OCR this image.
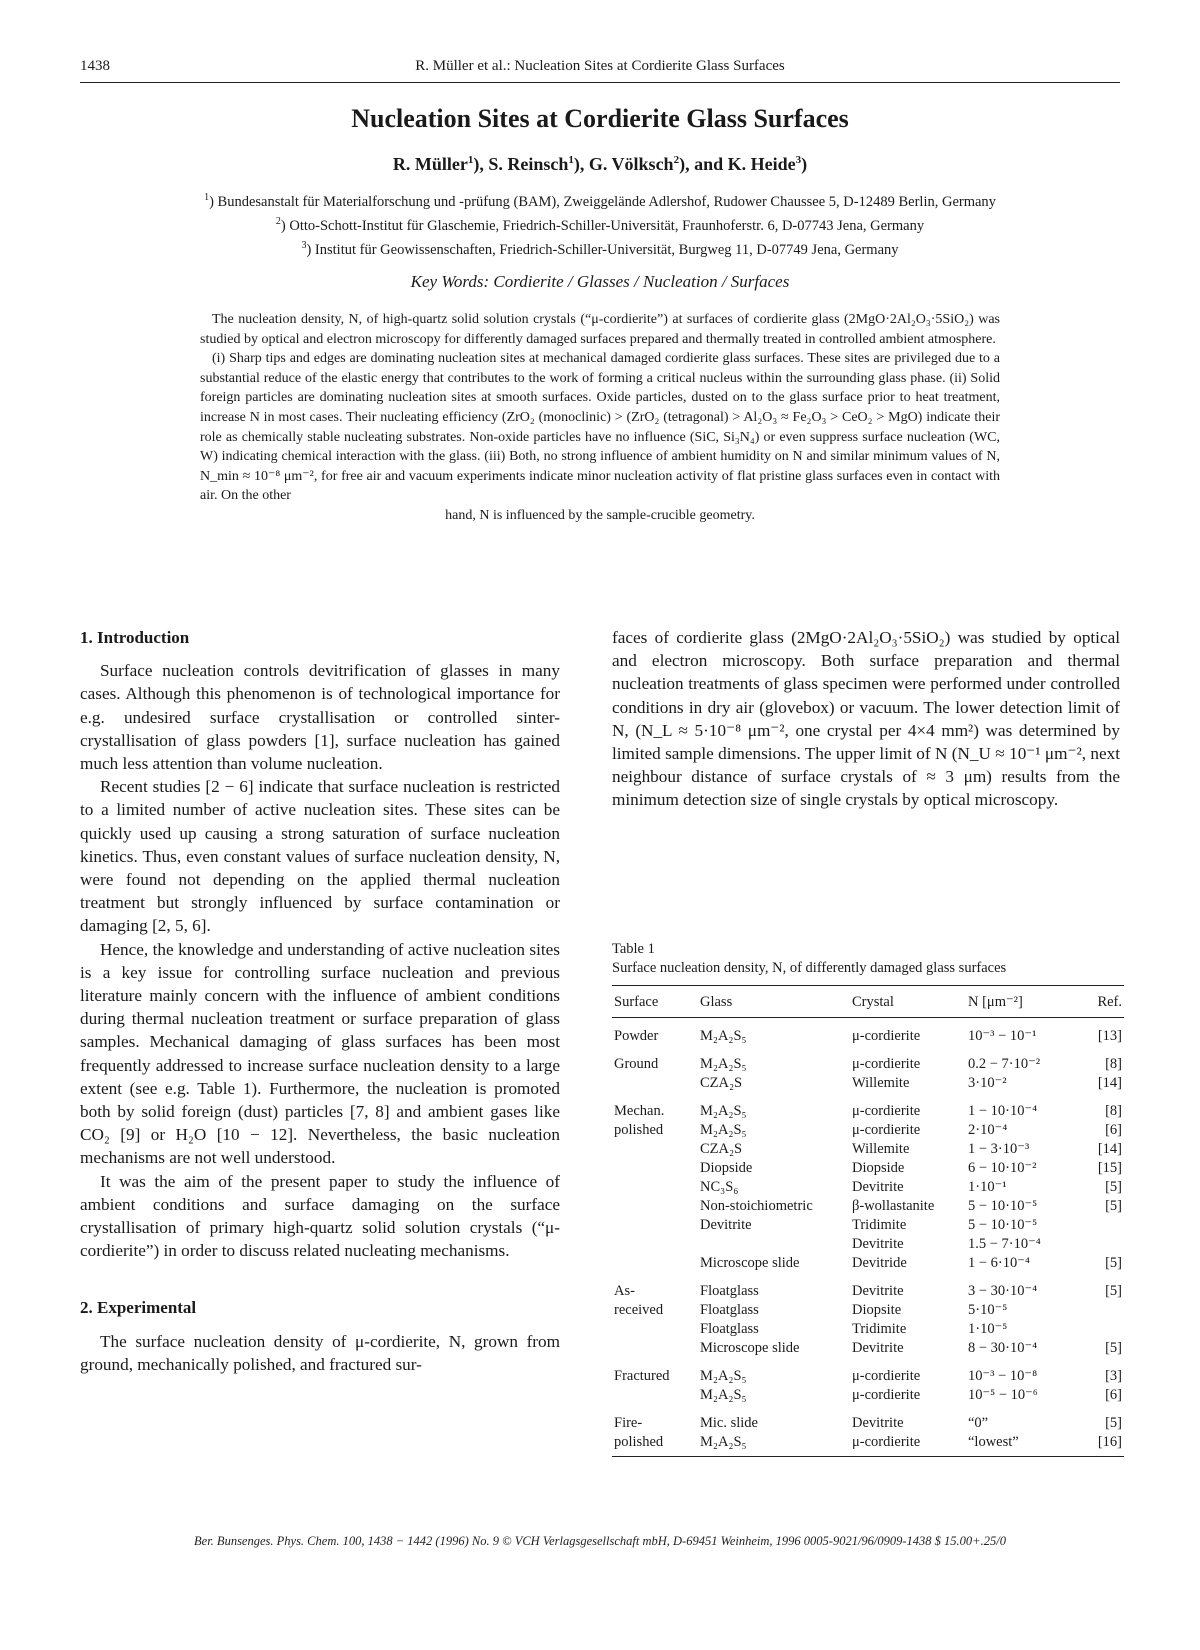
1438	R. Müller et al.: Nucleation Sites at Cordierite Glass Surfaces
Nucleation Sites at Cordierite Glass Surfaces
R. Müller$^1$), S. Reinsch$^1$), G. Völksch$^2$), and K. Heide$^3$)
$^1$) Bundesanstalt für Materialforschung und -prüfung (BAM), Zweiggelände Adlershof, Rudower Chaussee 5, D-12489 Berlin, Germany
$^2$) Otto-Schott-Institut für Glaschemie, Friedrich-Schiller-Universität, Fraunhoferstr. 6, D-07743 Jena, Germany
$^3$) Institut für Geowissenschaften, Friedrich-Schiller-Universität, Burgweg 11, D-07749 Jena, Germany
Key Words: Cordierite / Glasses / Nucleation / Surfaces

The nucleation density, N, of high-quartz solid solution crystals (“μ-cordierite”) at surfaces of cordierite glass (2MgO·2Al₂O₃·5SiO₂) was studied by optical and electron microscopy for differently damaged surfaces prepared and thermally treated in controlled ambient atmosphere.

(i) Sharp tips and edges are dominating nucleation sites at mechanical damaged cordierite glass surfaces. These sites are privileged due to a substantial reduce of the elastic energy that contributes to the work of forming a critical nucleus within the surrounding glass phase. (ii) Solid foreign particles are dominating nucleation sites at smooth surfaces. Oxide particles, dusted on to the glass surface prior to heat treatment, increase N in most cases. Their nucleating efficiency (ZrO₂ (monoclinic) > (ZrO₂ (tetragonal) > Al₂O₃ ≈ Fe₂O₃ > CeO₂ > MgO) indicate their role as chemically stable nucleating substrates. Non-oxide particles have no influence (SiC, Si₃N₄) or even suppress surface nucleation (WC, W) indicating chemical interaction with the glass. (iii) Both, no strong influence of ambient humidity on N and similar minimum values of N, N_min ≈ 10⁻⁸ μm⁻², for free air and vacuum experiments indicate minor nucleation activity of flat pristine glass surfaces even in contact with air. On the other

hand, N is influenced by the sample-crucible geometry.

1. Introduction

Surface nucleation controls devitrification of glasses in many cases. Although this phenomenon is of technological importance for e.g. undesired surface crystallisation or controlled sinter-crystallisation of glass powders [1], surface nucleation has gained much less attention than volume nucleation.

Recent studies [2 − 6] indicate that surface nucleation is restricted to a limited number of active nucleation sites. These sites can be quickly used up causing a strong saturation of surface nucleation kinetics. Thus, even constant values of surface nucleation density, N, were found not depending on the applied thermal nucleation treatment but strongly influenced by surface contamination or damaging [2, 5, 6].

Hence, the knowledge and understanding of active nucleation sites is a key issue for controlling surface nucleation and previous literature mainly concern with the influence of ambient conditions during thermal nucleation treatment or surface preparation of glass samples. Mechanical damaging of glass surfaces has been most frequently addressed to increase surface nucleation density to a large extent (see e.g. Table 1). Furthermore, the nucleation is promoted both by solid foreign (dust) particles [7, 8] and ambient gases like CO₂ [9] or H₂O [10 − 12]. Nevertheless, the basic nucleation mechanisms are not well understood.

It was the aim of the present paper to study the influence of ambient conditions and surface damaging on the surface crystallisation of primary high-quartz solid solution crystals (“μ-cordierite”) in order to discuss related nucleating mechanisms.

2. Experimental

The surface nucleation density of μ-cordierite, N, grown from ground, mechanically polished, and fractured sur-

faces of cordierite glass (2MgO·2Al₂O₃·5SiO₂) was studied by optical and electron microscopy. Both surface preparation and thermal nucleation treatments of glass specimen were performed under controlled conditions in dry air (glovebox) or vacuum. The lower detection limit of N, (N_L ≈ 5·10⁻⁸ μm⁻², one crystal per 4×4 mm²) was determined by limited sample dimensions. The upper limit of N (N_U ≈ 10⁻¹ μm⁻², next neighbour distance of surface crystals of ≈ 3 μm) results from the minimum detection size of single crystals by optical microscopy.

Table 1
Surface nucleation density, N, of differently damaged glass surfaces
Surface	Glass	Crystal	N [μm⁻²]	Ref.
Powder	M₂A₂S₅	μ-cordierite	10⁻³ − 10⁻¹	[13]
Ground	M₂A₂S₅	μ-cordierite	0.2 − 7·10⁻²	[8]
	CZA₂S	Willemite	3·10⁻²	[14]
Mechan.	M₂A₂S₅	μ-cordierite	1 − 10·10⁻⁴	[8]
polished	M₂A₂S₅	μ-cordierite	2·10⁻⁴	[6]
	CZA₂S	Willemite	1 − 3·10⁻³	[14]
	Diopside	Diopside	6 − 10·10⁻²	[15]
	NC₃S₆	Devitrite	1·10⁻¹	[5]
	Non-stoichiometric	β-wollastanite	5 − 10·10⁻⁵	[5]
	Devitrite	Tridimite	5 − 10·10⁻⁵	
		Devitrite	1.5 − 7·10⁻⁴	
	Microscope slide	Devitride	1 − 6·10⁻⁴	[5]
As-	Floatglass	Devitrite	3 − 30·10⁻⁴	[5]
received	Floatglass	Diopsite	5·10⁻⁵	
	Floatglass	Tridimite	1·10⁻⁵	
	Microscope slide	Devitrite	8 − 30·10⁻⁴	[5]
Fractured	M₂A₂S₅	μ-cordierite	10⁻³ − 10⁻⁸	[3]
	M₂A₂S₅	μ-cordierite	10⁻⁵ − 10⁻⁶	[6]
Fire-	Mic. slide	Devitrite	“0”	[5]
polished	M₂A₂S₅	μ-cordierite	“lowest”	[16]
Ber. Bunsenges. Phys. Chem. 100, 1438 − 1442 (1996) No. 9 © VCH Verlagsgesellschaft mbH, D-69451 Weinheim, 1996 0005-9021/96/0909-1438 $ 15.00+.25/0
